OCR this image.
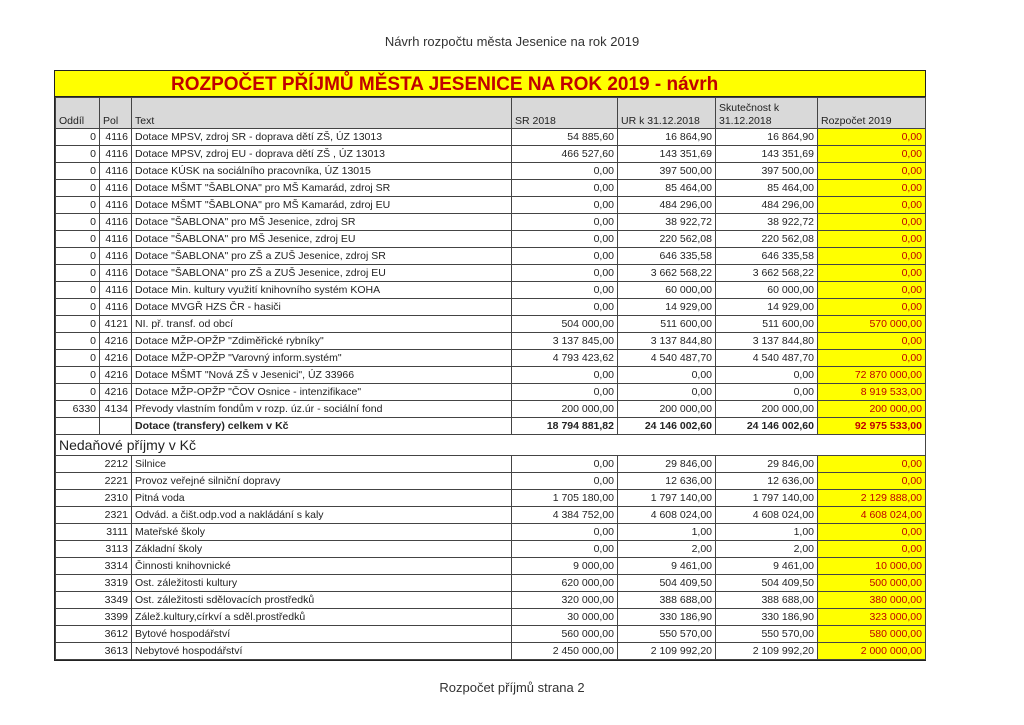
Návrh rozpočtu města Jesenice na rok 2019
ROZPOČET PŘÍJMŮ MĚSTA JESENICE NA ROK 2019 - návrh
Oddíl	Pol	Text	SR 2018	UR k 31.12.2018	Skutečnost k 31.12.2018	Rozpočet 2019
0	4116	Dotace MPSV, zdroj SR - doprava dětí ZŠ, ÚZ 13013	54 885,60	16 864,90	16 864,90	0,00
0	4116	Dotace MPSV, zdroj EU - doprava dětí ZŠ , ÚZ 13013	466 527,60	143 351,69	143 351,69	0,00
0	4116	Dotace KÚSK na sociálního pracovníka, ÚZ 13015	0,00	397 500,00	397 500,00	0,00
0	4116	Dotace MŠMT "ŠABLONA" pro MŠ Kamarád, zdroj SR	0,00	85 464,00	85 464,00	0,00
0	4116	Dotace MŠMT "ŠABLONA" pro MŠ Kamarád, zdroj EU	0,00	484 296,00	484 296,00	0,00
0	4116	Dotace "ŠABLONA" pro MŠ Jesenice, zdroj SR	0,00	38 922,72	38 922,72	0,00
0	4116	Dotace "ŠABLONA" pro MŠ Jesenice, zdroj EU	0,00	220 562,08	220 562,08	0,00
0	4116	Dotace "ŠABLONA" pro ZŠ a ZUŠ Jesenice, zdroj SR	0,00	646 335,58	646 335,58	0,00
0	4116	Dotace "ŠABLONA" pro ZŠ a ZUŠ Jesenice, zdroj EU	0,00	3 662 568,22	3 662 568,22	0,00
0	4116	Dotace Min. kultury využití knihovního systém KOHA	0,00	60 000,00	60 000,00	0,00
0	4116	Dotace MVGŘ HZS ČR - hasiči	0,00	14 929,00	14 929,00	0,00
0	4121	NI. př. transf. od obcí	504 000,00	511 600,00	511 600,00	570 000,00
0	4216	Dotace MŽP-OPŽP "Zdiměřické rybníky"	3 137 845,00	3 137 844,80	3 137 844,80	0,00
0	4216	Dotace MŽP-OPŽP "Varovný inform.systém"	4 793 423,62	4 540 487,70	4 540 487,70	0,00
0	4216	Dotace MŠMT "Nová ZŠ v Jesenici", ÚZ 33966	0,00	0,00	0,00	72 870 000,00
0	4216	Dotace MŽP-OPŽP "ČOV Osnice - intenzifikace"	0,00	0,00	0,00	8 919 533,00
6330	4134	Převody vlastním fondům v rozp. úz.úr - sociální fond	200 000,00	200 000,00	200 000,00	200 000,00
		Dotace (transfery) celkem v Kč	18 794 881,82	24 146 002,60	24 146 002,60	92 975 533,00
Nedaňové příjmy v Kč						
2212		Silnice	0,00	29 846,00	29 846,00	0,00
2221		Provoz veřejné silniční dopravy	0,00	12 636,00	12 636,00	0,00
2310		Pitná voda	1 705 180,00	1 797 140,00	1 797 140,00	2 129 888,00
2321		Odvád. a čišt.odp.vod a nakládání s kaly	4 384 752,00	4 608 024,00	4 608 024,00	4 608 024,00
3111		Mateřské školy	0,00	1,00	1,00	0,00
3113		Základní školy	0,00	2,00	2,00	0,00
3314		Činnosti knihovnické	9 000,00	9 461,00	9 461,00	10 000,00
3319		Ost. záležitosti kultury	620 000,00	504 409,50	504 409,50	500 000,00
3349		Ost. záležitosti sdělovacích prostředků	320 000,00	388 688,00	388 688,00	380 000,00
3399		Zálež.kultury,církví a sděl.prostředků	30 000,00	330 186,90	330 186,90	323 000,00
3612		Bytové hospodářství	560 000,00	550 570,00	550 570,00	580 000,00
3613		Nebytové hospodářství	2 450 000,00	2 109 992,20	2 109 992,20	2 000 000,00
Rozpočet příjmů strana 2
